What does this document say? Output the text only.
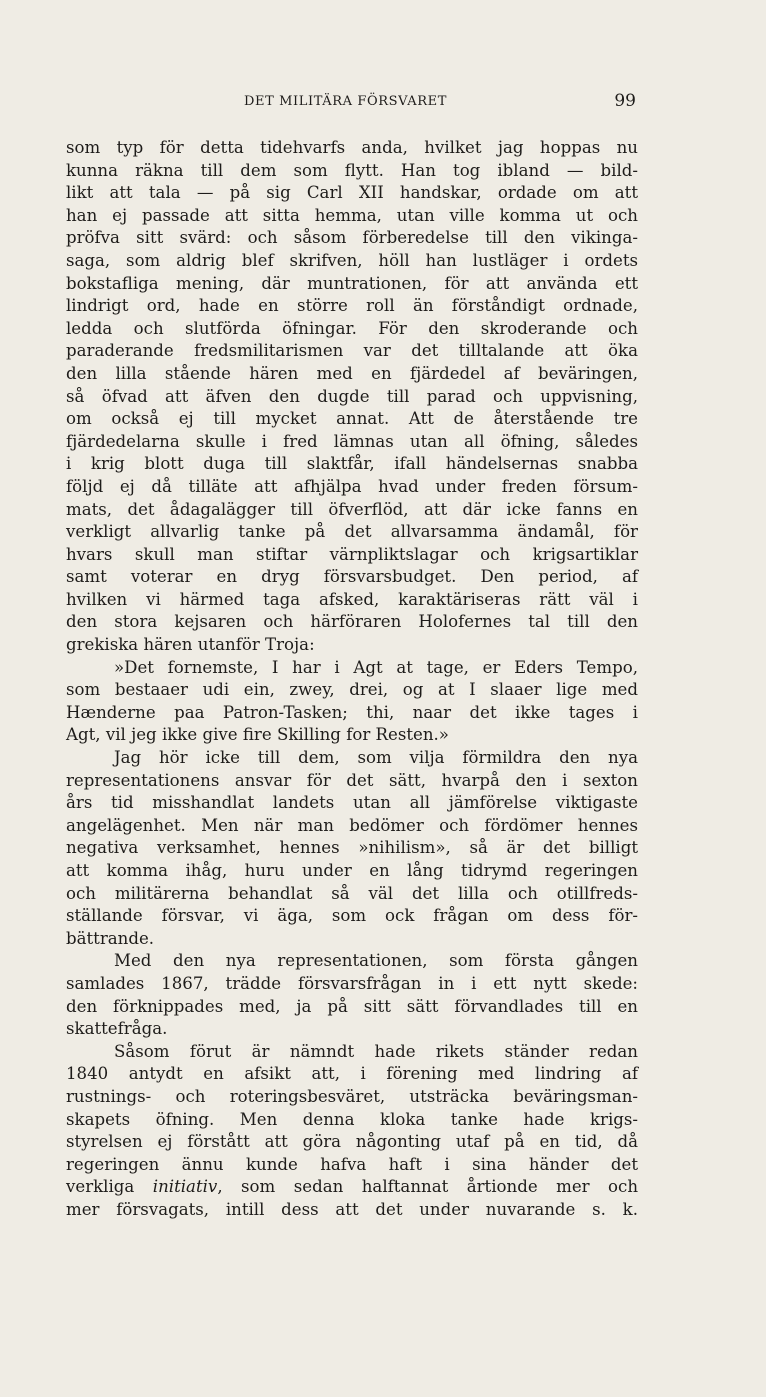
DET MILITÄRA FÖRSVARET	99
som typ för detta tidehvarfs anda, hvilket jag hoppas nu
kunna räkna till dem som flytt. Han tog ibland — bild-
likt att tala — på sig Carl XII handskar, ordade om att
han ej passade att sitta hemma, utan ville komma ut och
pröfva sitt svärd: och såsom förberedelse till den vikinga-
saga, som aldrig blef skrifven, höll han lustläger i ordets
bokstafliga mening, där muntrationen, för att använda ett
lindrigt ord, hade en större roll än förståndigt ordnade,
ledda och slutförda öfningar. För den skroderande och
paraderande fredsmilitarismen var det tilltalande att öka
den lilla stående hären med en fjärdedel af beväringen,
så öfvad att äfven den dugde till parad och uppvisning,
om också ej till mycket annat. Att de återstående tre
fjärdedelarna skulle i fred lämnas utan all öfning, således
i krig blott duga till slaktfår, ifall händelsernas snabba
följd ej då tilläte att afhjälpa hvad under freden försum-
mats, det ådagalägger till öfverflöd, att där icke fanns en
verkligt allvarlig tanke på det allvarsamma ändamål, för
hvars skull man stiftar värnpliktslagar och krigsartiklar
samt voterar en dryg försvarsbudget. Den period, af
hvilken vi härmed taga afsked, karaktäriseras rätt väl i
den stora kejsaren och härföraren Holofernes tal till den
grekiska hären utanför Troja:
»Det fornemste, I har i Agt at tage, er Eders Tempo,
som bestaaer udi ein, zwey, drei, og at I slaaer lige med
Hænderne paa Patron-Tasken; thi, naar det ikke tages i
Agt, vil jeg ikke give fire Skilling for Resten.»
Jag hör icke till dem, som vilja förmildra den nya
representationens ansvar för det sätt, hvarpå den i sexton
års tid misshandlat landets utan all jämförelse viktigaste
angelägenhet. Men när man bedömer och fördömer hennes
negativa verksamhet, hennes »nihilism», så är det billigt
att komma ihåg, huru under en lång tidrymd regeringen
och militärerna behandlat så väl det lilla och otillfreds-
ställande försvar, vi äga, som ock frågan om dess för-
bättrande.
Med den nya representationen, som första gången
samlades 1867, trädde försvarsfrågan in i ett nytt skede:
den förknippades med, ja på sitt sätt förvandlades till en
skattefråga.
Såsom förut är nämndt hade rikets ständer redan
1840 antydt en afsikt att, i förening med lindring af
rustnings- och roteringsbesväret, utsträcka beväringsman-
skapets öfning. Men denna kloka tanke hade krigs-
styrelsen ej förstått att göra någonting utaf på en tid, då
regeringen ännu kunde hafva haft i sina händer det
verkliga initiativ, som sedan halftannat årtionde mer och
mer försvagats, intill dess att det under nuvarande s. k.
